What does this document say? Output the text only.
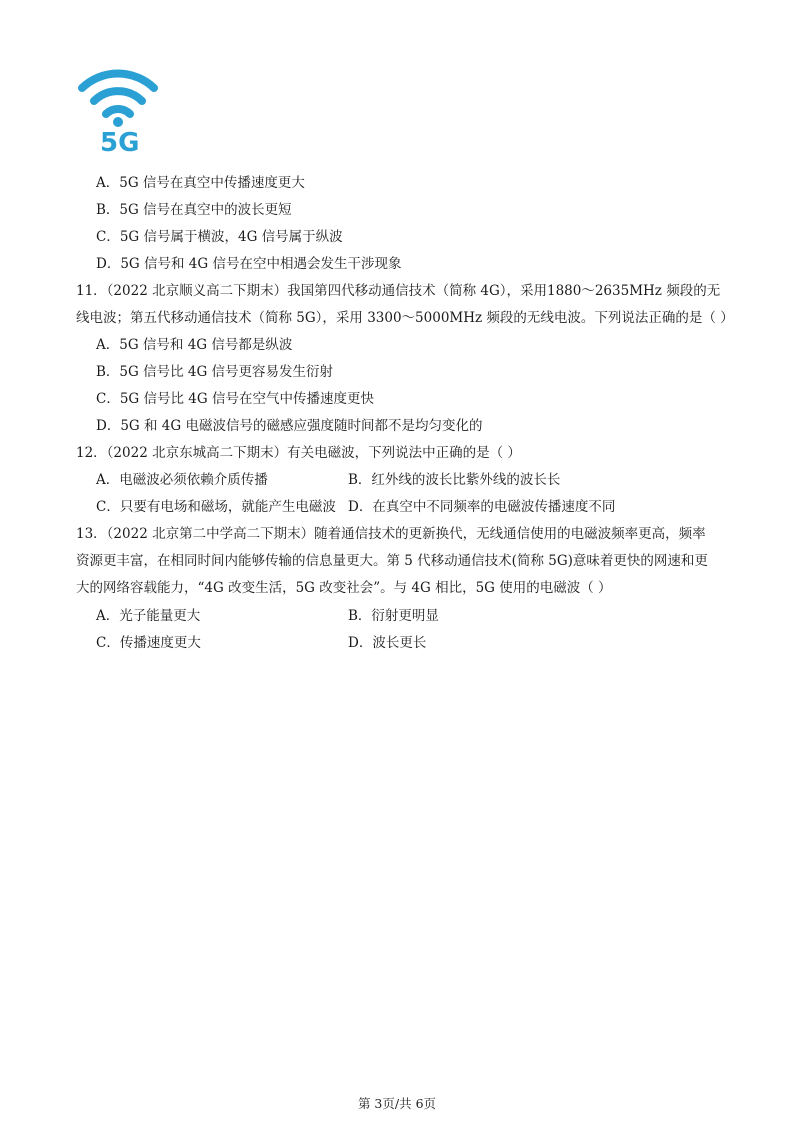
5G
A．5G 信号在真空中传播速度更大
B．5G 信号在真空中的波长更短
C．5G 信号属于横波，4G 信号属于纵波
D．5G 信号和 4G 信号在空中相遇会发生干涉现象
11．（2022 北京顺义高二下期末）我国第四代移动通信技术（简称 4G），采用1880～2635MHz 频段的无
线电波；第五代移动通信技术（简称 5G），采用 3300～5000MHz 频段的无线电波。下列说法正确的是（ ）
A．5G 信号和 4G 信号都是纵波
B．5G 信号比 4G 信号更容易发生衍射
C．5G 信号比 4G 信号在空气中传播速度更快
D．5G 和 4G 电磁波信号的磁感应强度随时间都不是均匀变化的
12．（2022 北京东城高二下期末）有关电磁波，下列说法中正确的是（ ）
A．电磁波必须依赖介质传播	B．红外线的波长比紫外线的波长长
C．只要有电场和磁场，就能产生电磁波 D．在真空中不同频率的电磁波传播速度不同
13．（2022 北京第二中学高二下期末）随着通信技术的更新换代，无线通信使用的电磁波频率更高，频率
资源更丰富，在相同时间内能够传输的信息量更大。第 5 代移动通信技术(简称 5G)意味着更快的网速和更
大的网络容载能力，“4G 改变生活，5G 改变社会”。与 4G 相比，5G 使用的电磁波（ ）
A．光子能量更大	B．衍射更明显
C．传播速度更大	D．波长更长
第 3页/共 6页
